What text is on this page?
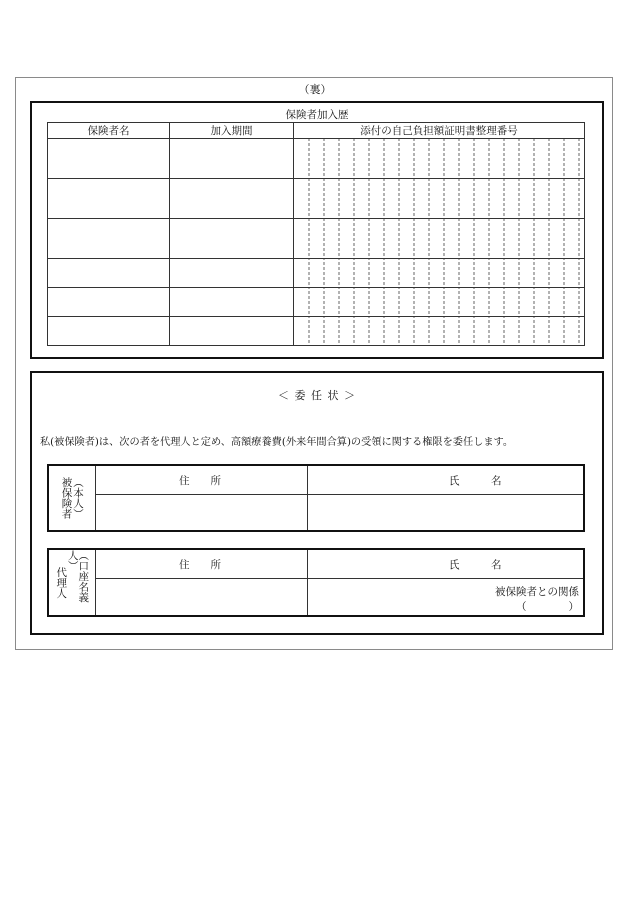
（裏）
保険者加入歴
保険者名	加入期間	添付の自己負担額証明書整理番号

＜ 委 任 状 ＞
私(被保険者)は、次の者を代理人と定め、高額療養費(外来年間合算)の受領に関する権限を委任します。
（本人）
被保険者	住　　所	氏　　　名
（口座名義人）
代理人
住　　所	氏　　　名
被保険者との関係
（　　　　）
